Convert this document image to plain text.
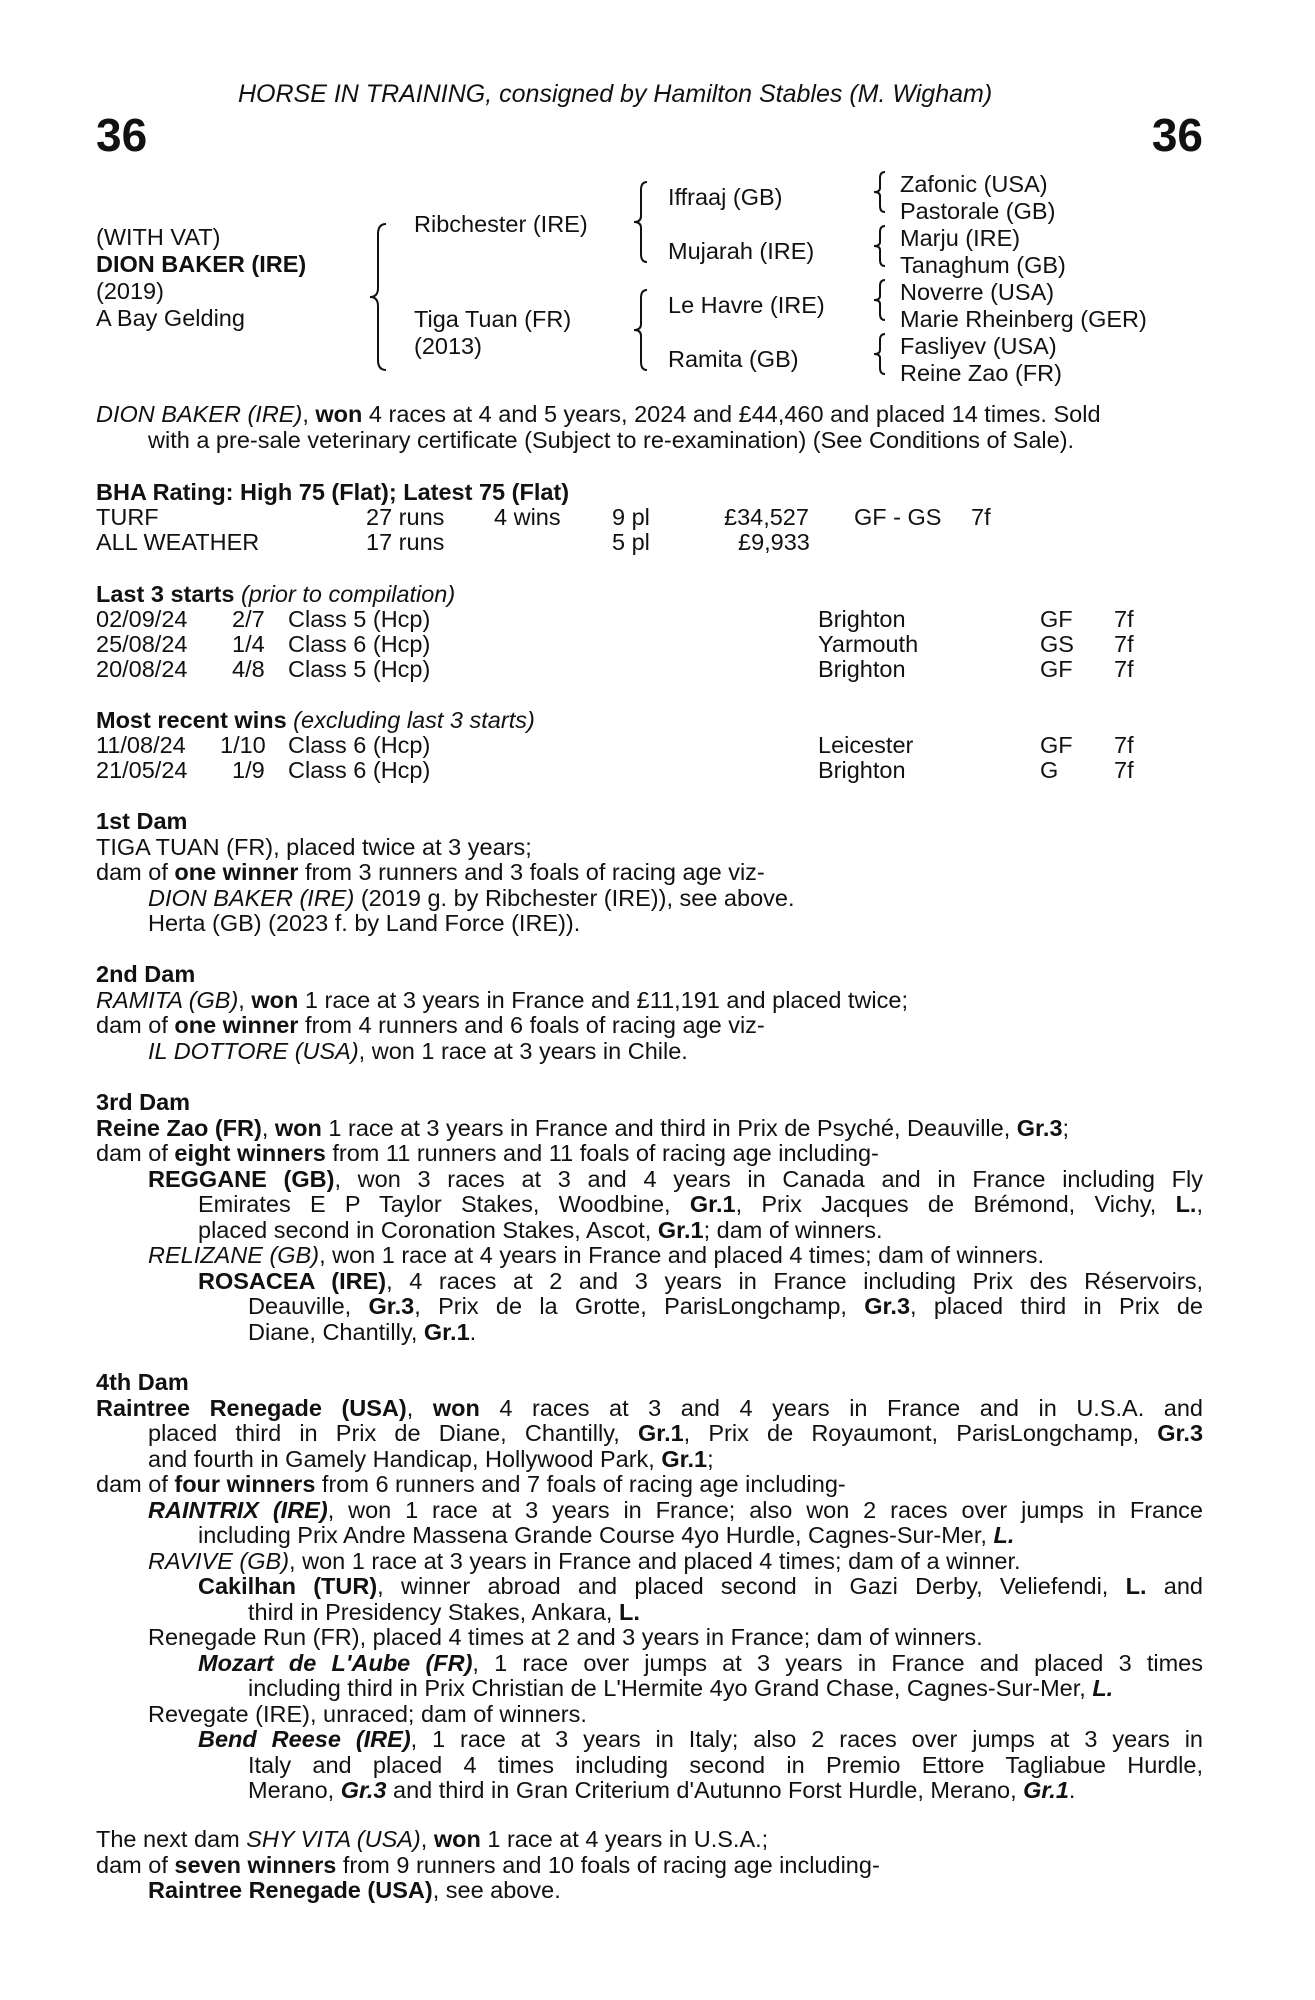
HORSE IN TRAINING, consigned by Hamilton Stables (M. Wigham)
36	36
(WITH VAT)
DION BAKER (IRE)
(2019)
A Bay Gelding
Ribchester (IRE)
Tiga Tuan (FR)
(2013)
Iffraaj (GB)
Mujarah (IRE)
Le Havre (IRE)
Ramita (GB)
Zafonic (USA)
Pastorale (GB)
Marju (IRE)
Tanaghum (GB)
Noverre (USA)
Marie Rheinberg (GER)
Fasliyev (USA)
Reine Zao (FR)
DION BAKER (IRE), won 4 races at 4 and 5 years, 2024 and £44,460 and placed 14 times. Sold
with a pre-sale veterinary certificate (Subject to re-examination) (See Conditions of Sale).
BHA Rating: High 75 (Flat); Latest 75 (Flat)
TURF	27 runs 4 wins 9 pl	£34,527 GF - GS 7f
ALL WEATHER	17 runs	5 pl	£9,933
Last 3 starts (prior to compilation)
02/09/24 2/7 Class 5 (Hcp)	Brighton	GF 7f
25/08/24 1/4 Class 6 (Hcp)	Yarmouth	GS 7f
20/08/24 4/8 Class 5 (Hcp)	Brighton	GF 7f
Most recent wins (excluding last 3 starts)
11/08/24 1/10 Class 6 (Hcp)	Leicester	GF 7f
21/05/24 1/9 Class 6 (Hcp)	Brighton	G 7f
1st Dam
TIGA TUAN (FR), placed twice at 3 years;
dam of one winner from 3 runners and 3 foals of racing age viz-
DION BAKER (IRE) (2019 g. by Ribchester (IRE)), see above.
Herta (GB) (2023 f. by Land Force (IRE)).
2nd Dam
RAMITA (GB), won 1 race at 3 years in France and £11,191 and placed twice;
dam of one winner from 4 runners and 6 foals of racing age viz-
IL DOTTORE (USA), won 1 race at 3 years in Chile.
3rd Dam
Reine Zao (FR), won 1 race at 3 years in France and third in Prix de Psyché, Deauville, Gr.3;
dam of eight winners from 11 runners and 11 foals of racing age including-
REGGANE (GB), won 3 races at 3 and 4 years in Canada and in France including Fly
Emirates E P Taylor Stakes, Woodbine, Gr.1, Prix Jacques de Brémond, Vichy, L.,
placed second in Coronation Stakes, Ascot, Gr.1; dam of winners.
RELIZANE (GB), won 1 race at 4 years in France and placed 4 times; dam of winners.
ROSACEA (IRE), 4 races at 2 and 3 years in France including Prix des Réservoirs,
Deauville, Gr.3, Prix de la Grotte, ParisLongchamp, Gr.3, placed third in Prix de
Diane, Chantilly, Gr.1.
4th Dam
Raintree Renegade (USA), won 4 races at 3 and 4 years in France and in U.S.A. and
placed third in Prix de Diane, Chantilly, Gr.1, Prix de Royaumont, ParisLongchamp, Gr.3
and fourth in Gamely Handicap, Hollywood Park, Gr.1;
dam of four winners from 6 runners and 7 foals of racing age including-
RAINTRIX (IRE), won 1 race at 3 years in France; also won 2 races over jumps in France
including Prix Andre Massena Grande Course 4yo Hurdle, Cagnes-Sur-Mer, L.
RAVIVE (GB), won 1 race at 3 years in France and placed 4 times; dam of a winner.
Cakilhan (TUR), winner abroad and placed second in Gazi Derby, Veliefendi, L. and
third in Presidency Stakes, Ankara, L.
Renegade Run (FR), placed 4 times at 2 and 3 years in France; dam of winners.
Mozart de L'Aube (FR), 1 race over jumps at 3 years in France and placed 3 times
including third in Prix Christian de L'Hermite 4yo Grand Chase, Cagnes-Sur-Mer, L.
Revegate (IRE), unraced; dam of winners.
Bend Reese (IRE), 1 race at 3 years in Italy; also 2 races over jumps at 3 years in
Italy and placed 4 times including second in Premio Ettore Tagliabue Hurdle,
Merano, Gr.3 and third in Gran Criterium d'Autunno Forst Hurdle, Merano, Gr.1.
The next dam SHY VITA (USA), won 1 race at 4 years in U.S.A.;
dam of seven winners from 9 runners and 10 foals of racing age including-
Raintree Renegade (USA), see above.
